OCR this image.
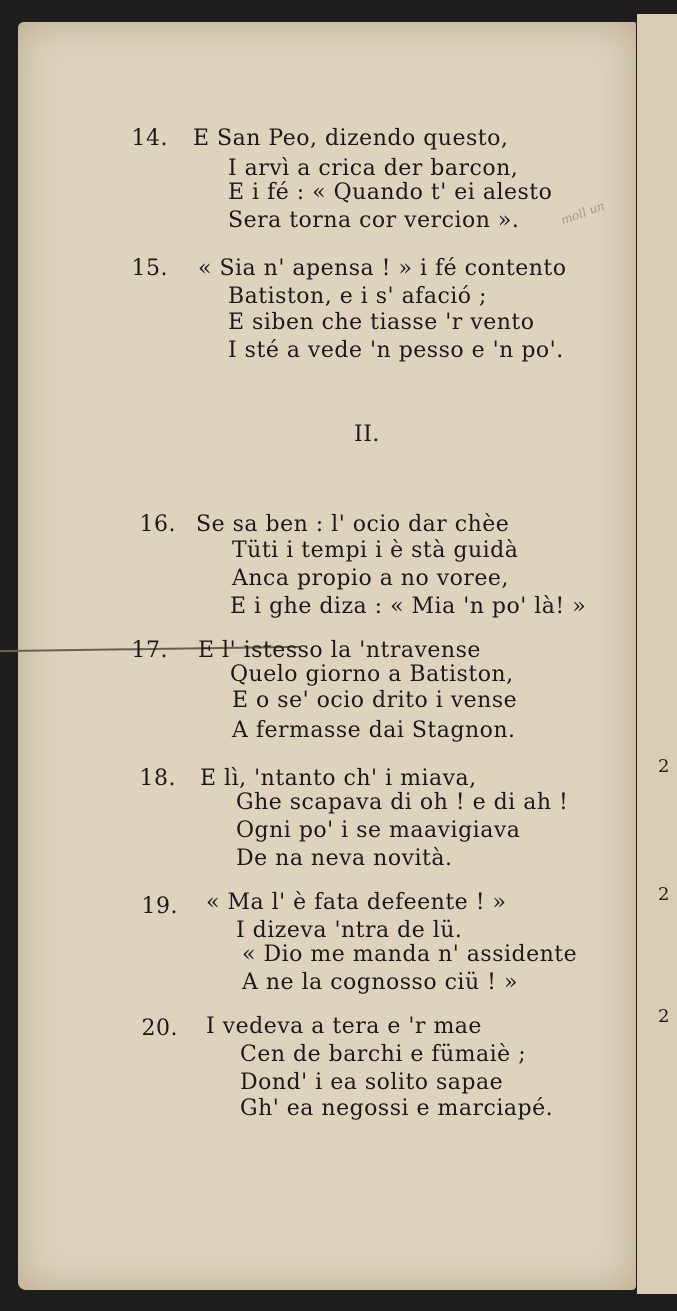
14. E San Peo, dizendo questo,
I arvì a crica der barcon,
E i fé : « Quando t' ei alesto
Sera torna cor vercion ».
15. « Sia n' apensa ! » i fé contento
Batiston, e i s' afació ;
E siben che tiasse 'r vento
I sté a vede 'n pesso e 'n po'.
II.
16. Se sa ben : l' ocio dar chèe
Tüti i tempi i è stà guidà
Anca propio a no voree,
E i ghe diza : « Mia 'n po' là! »
17. E l' istesso la 'ntravense
Quelo giorno a Batiston,
E o se' ocio drito i vense
A fermasse dai Stagnon.
18. E lì, 'ntanto ch' i miava,
Ghe scapava di oh ! e di ah !
Ogni po' i se maavigiava
De na neva novità.
19. « Ma l' è fata defeente ! »
I dizeva 'ntra de lü.
« Dio me manda n' assidente
A ne la cognosso ciü ! »
20. I vedeva a tera e 'r mae
Cen de barchi e fümaiè ;
Dond' i ea solito sapae
Gh' ea negossi e marciapé.
2
2
2
moll un
